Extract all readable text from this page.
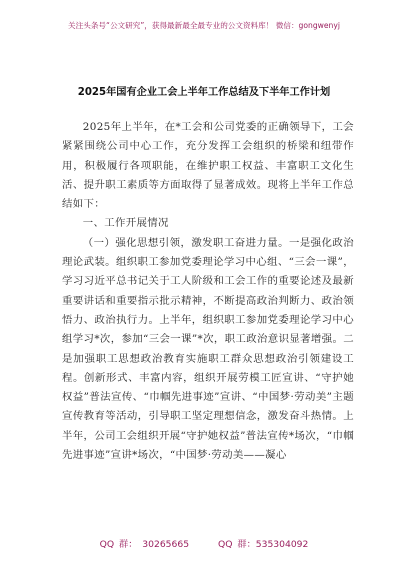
关注头条号“公文研究”，获得最新最全最专业的公文资料库！ 微信：gongwenyj
2025年国有企业工会上半年工作总结及下半年工作计划

2025年上半年，在*工会和公司党委的正确领导下，工会紧紧围绕公司中心工作，充分发挥工会组织的桥梁和纽带作用，积极履行各项职能，在维护职工权益、丰富职工文化生活、提升职工素质等方面取得了显著成效。现将上半年工作总结如下：

一、工作开展情况

（一）强化思想引领，激发职工奋进力量。一是强化政治理论武装。组织职工参加党委理论学习中心组、“三会一课”，学习习近平总书记关于工人阶级和工会工作的重要论述及最新重要讲话和重要指示批示精神，不断提高政治判断力、政治领悟力、政治执行力。上半年，组织职工参加党委理论学习中心组学习*次，参加“三会一课”*次，职工政治意识显著增强。二是加强职工思想政治教育实施职工群众思想政治引领建设工程。创新形式、丰富内容，组织开展劳模工匠宣讲、“守护她权益”普法宣传、“巾帼先进事迹”宣讲、“中国梦·劳动美”主题宣传教育等活动，引导职工坚定理想信念，激发奋斗热情。上半年，公司工会组织开展“守护她权益”普法宣传*场次，“巾帼先进事迹”宣讲*场次，“中国梦·劳动美——凝心

QQ 群： 30265665	QQ 群：535304092
